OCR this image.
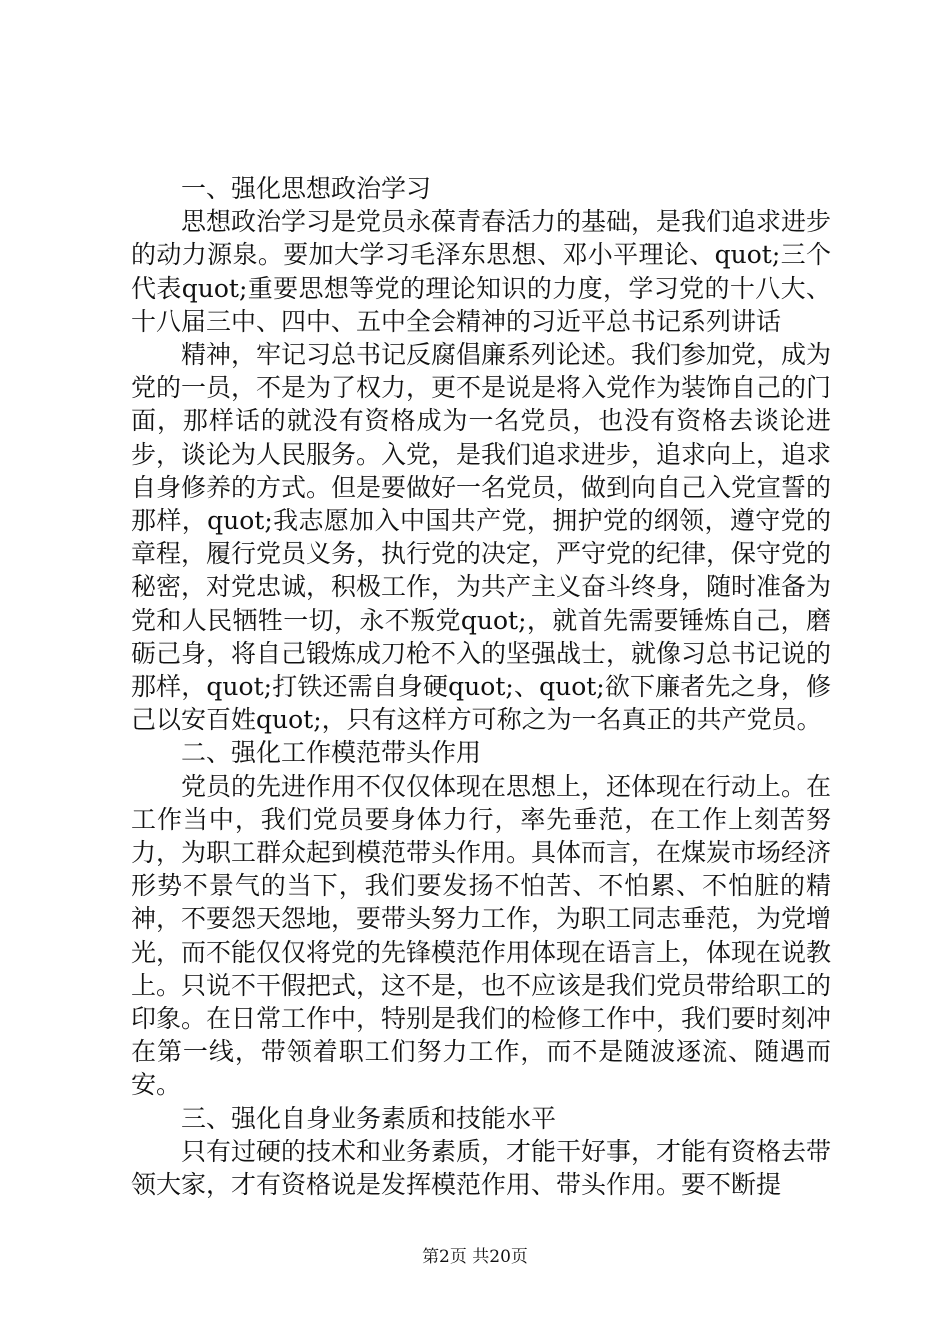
一、强化思想政治学习

思想政治学习是党员永葆青春活力的基础，是我们追求进步的动力源泉。要加大学习毛泽东思想、邓小平理论、quot;三个代表quot;重要思想等党的理论知识的力度，学习党的十八大、十八届三中、四中、五中全会精神的习近平总书记系列讲话

精神，牢记习总书记反腐倡廉系列论述。我们参加党，成为党的一员，不是为了权力，更不是说是将入党作为装饰自己的门面，那样话的就没有资格成为一名党员，也没有资格去谈论进步，谈论为人民服务。入党，是我们追求进步，追求向上，追求自身修养的方式。但是要做好一名党员，做到向自己入党宣誓的那样，quot;我志愿加入中国共产党，拥护党的纲领，遵守党的章程，履行党员义务，执行党的决定，严守党的纪律，保守党的秘密，对党忠诚，积极工作，为共产主义奋斗终身，随时准备为党和人民牺牲一切，永不叛党quot;，就首先需要锤炼自己，磨砺己身，将自己锻炼成刀枪不入的坚强战士，就像习总书记说的那样，quot;打铁还需自身硬quot;、quot;欲下廉者先之身，修己以安百姓quot;，只有这样方可称之为一名真正的共产党员。

二、强化工作模范带头作用

党员的先进作用不仅仅体现在思想上，还体现在行动上。在工作当中，我们党员要身体力行，率先垂范，在工作上刻苦努力，为职工群众起到模范带头作用。具体而言，在煤炭市场经济形势不景气的当下，我们要发扬不怕苦、不怕累、不怕脏的精神，不要怨天怨地，要带头努力工作，为职工同志垂范，为党增光，而不能仅仅将党的先锋模范作用体现在语言上，体现在说教上。只说不干假把式，这不是，也不应该是我们党员带给职工的印象。在日常工作中，特别是我们的检修工作中，我们要时刻冲在第一线，带领着职工们努力工作，而不是随波逐流、随遇而安。

三、强化自身业务素质和技能水平

只有过硬的技术和业务素质，才能干好事，才能有资格去带领大家，才有资格说是发挥模范作用、带头作用。要不断提

第2页 共20页
